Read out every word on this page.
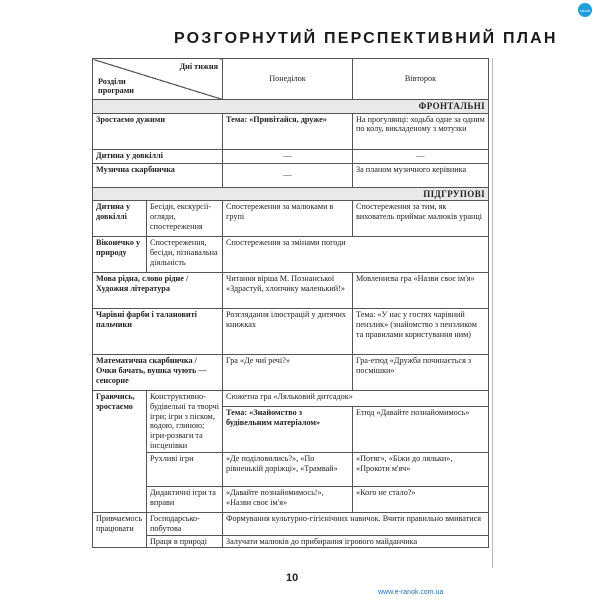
ranok
РОЗГОРНУТИЙ ПЕРСПЕКТИВНИЙ ПЛАН
Дні тижня
Розділи програми		Понеділок	Вівторок
ФРОНТАЛЬНІ			
Зростаємо дужими		Тема: «Привітайся, друже»	На прогулянці: ходьба одне за одним по колу, викладеному з мотузки
Дитина у довкіллі		—	—
Музична скарбничка		—	За планом музичного керівника
ПІДГРУПОВІ			
Дитина у довкіллі	Бесіди, екскурсії-огляди, спостереження	Спостереження за малюками в групі	Спостереження за тим, як вихователь приймає малюків уранці
Віконечко у природу	Спостереження, бесіди, пізнавальна діяльність	Спостереження за змінами погоди	
Мова рідна, слово рідне / Художня література		Читання вірша М. Познанської «Здрастуй, хлопчику маленький!»	Мовленнєва гра «Назви своє ім'я»
Чарівні фарби і талановиті пальчики		Розглядання ілюстрацій у дитячих книжках	Тема: «У нас у гостях чарівний пензлик» (знайомство з пензликом та правилами користування ним)
Математична скарбничка / Очки бачать, вушка чують — сенсорне		Гра «Де чиї речі?»	Гра-етюд «Дружба починається з посмішки»
Граючись, зростаємо	Конструктивно-будівельні та творчі ігри; ігри з піском, водою, глиною; ігри-розваги та інсценівки	Сюжетна гра «Ляльковий дитсадок»	
		Тема: «Знайомство з будівельним матеріалом»	Етюд «Давайте познайомимось»
	Рухливі ігри	«Де поділовились?», «По рівненькій доріжці», «Трамвай»	«Потяг», «Біжи до ляльки», «Прокоти м'яч»
	Дидактичні ігри та вправи	«Давайте познайомимось!», «Назви своє ім'я»	«Кого не стало?»
Привчаємось працювати	Господарсько-побутова	Формування культурно-гігієнічних навичок. Вчити правильно вмиватися	
	Праця в природі	Залучати малюків до прибирання ігрового майданчика	
10
www.e-ranok.com.ua
